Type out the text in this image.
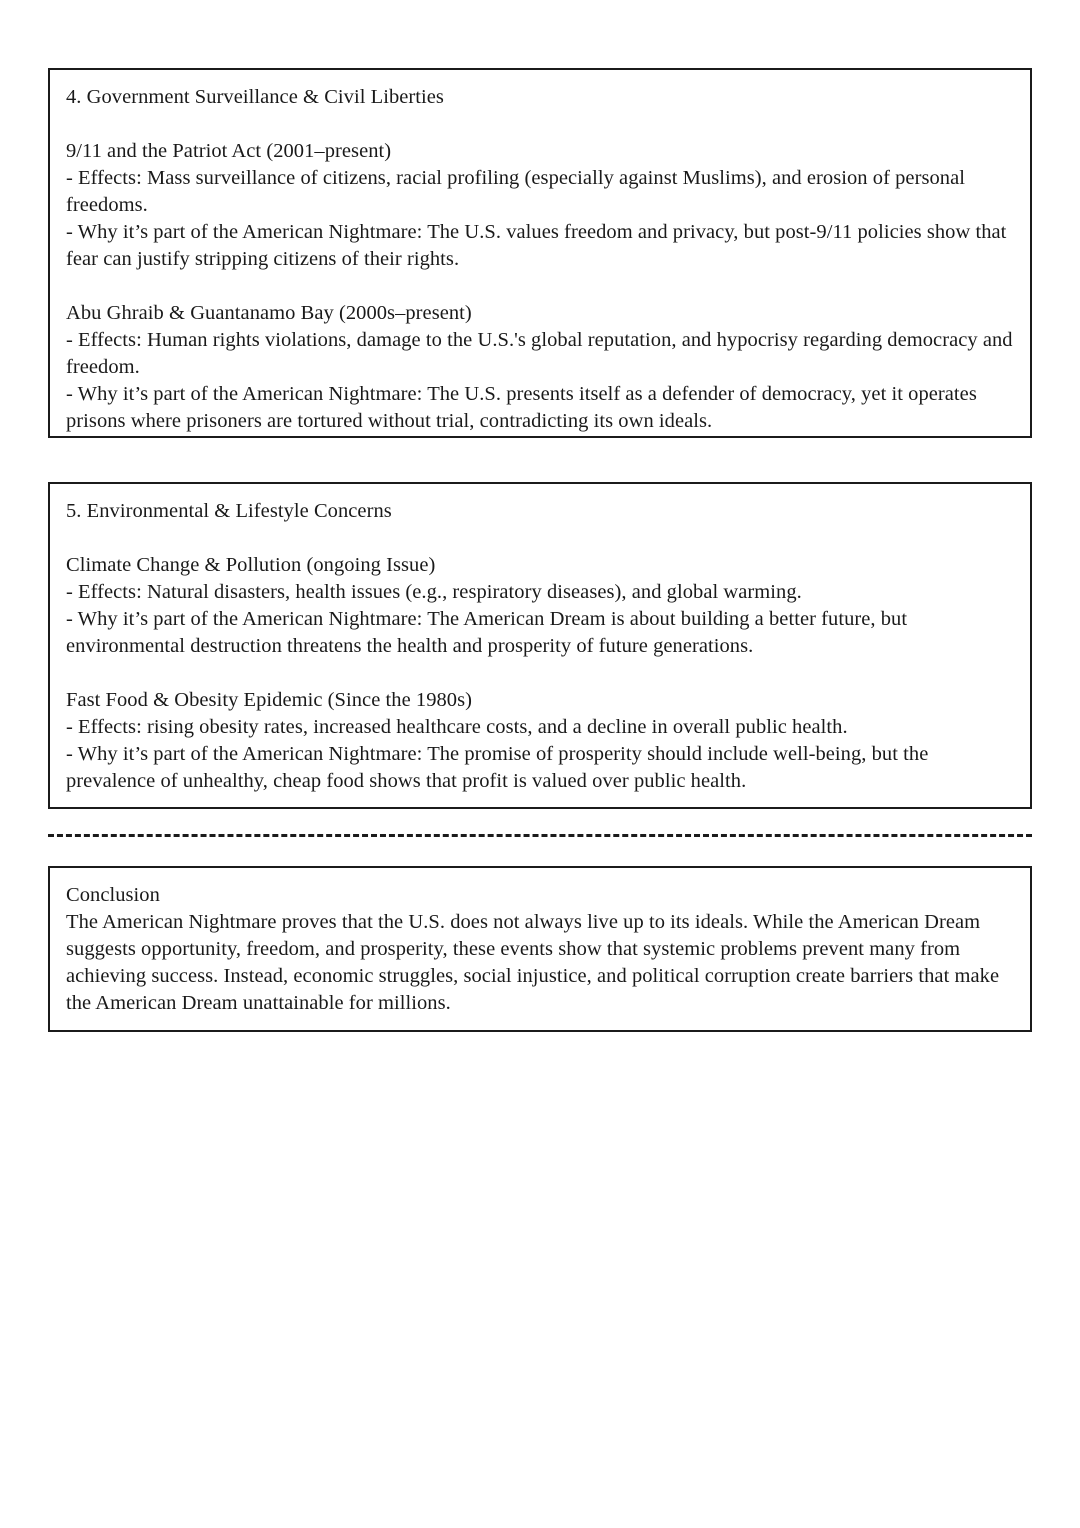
4. Government Surveillance & Civil Liberties
9/11 and the Patriot Act (2001–present)
- Effects: Mass surveillance of citizens, racial profiling (especially against Muslims), and erosion of personal freedoms.
- Why it’s part of the American Nightmare: The U.S. values freedom and privacy, but post-9/11 policies show that fear can justify stripping citizens of their rights.
Abu Ghraib & Guantanamo Bay (2000s–present)
- Effects: Human rights violations, damage to the U.S.'s global reputation, and hypocrisy regarding democracy and freedom.
- Why it’s part of the American Nightmare: The U.S. presents itself as a defender of democracy, yet it operates prisons where prisoners are tortured without trial, contradicting its own ideals.
5. Environmental & Lifestyle Concerns
Climate Change & Pollution (ongoing Issue)
- Effects: Natural disasters, health issues (e.g., respiratory diseases), and global warming.
- Why it’s part of the American Nightmare: The American Dream is about building a better future, but environmental destruction threatens the health and prosperity of future generations.
Fast Food & Obesity Epidemic (Since the 1980s)
- Effects: rising obesity rates, increased healthcare costs, and a decline in overall public health.
- Why it’s part of the American Nightmare: The promise of prosperity should include well-being, but the prevalence of unhealthy, cheap food shows that profit is valued over public health.
Conclusion
The American Nightmare proves that the U.S. does not always live up to its ideals. While the American Dream suggests opportunity, freedom, and prosperity, these events show that systemic problems prevent many from achieving success. Instead, economic struggles, social injustice, and political corruption create barriers that make the American Dream unattainable for millions.
